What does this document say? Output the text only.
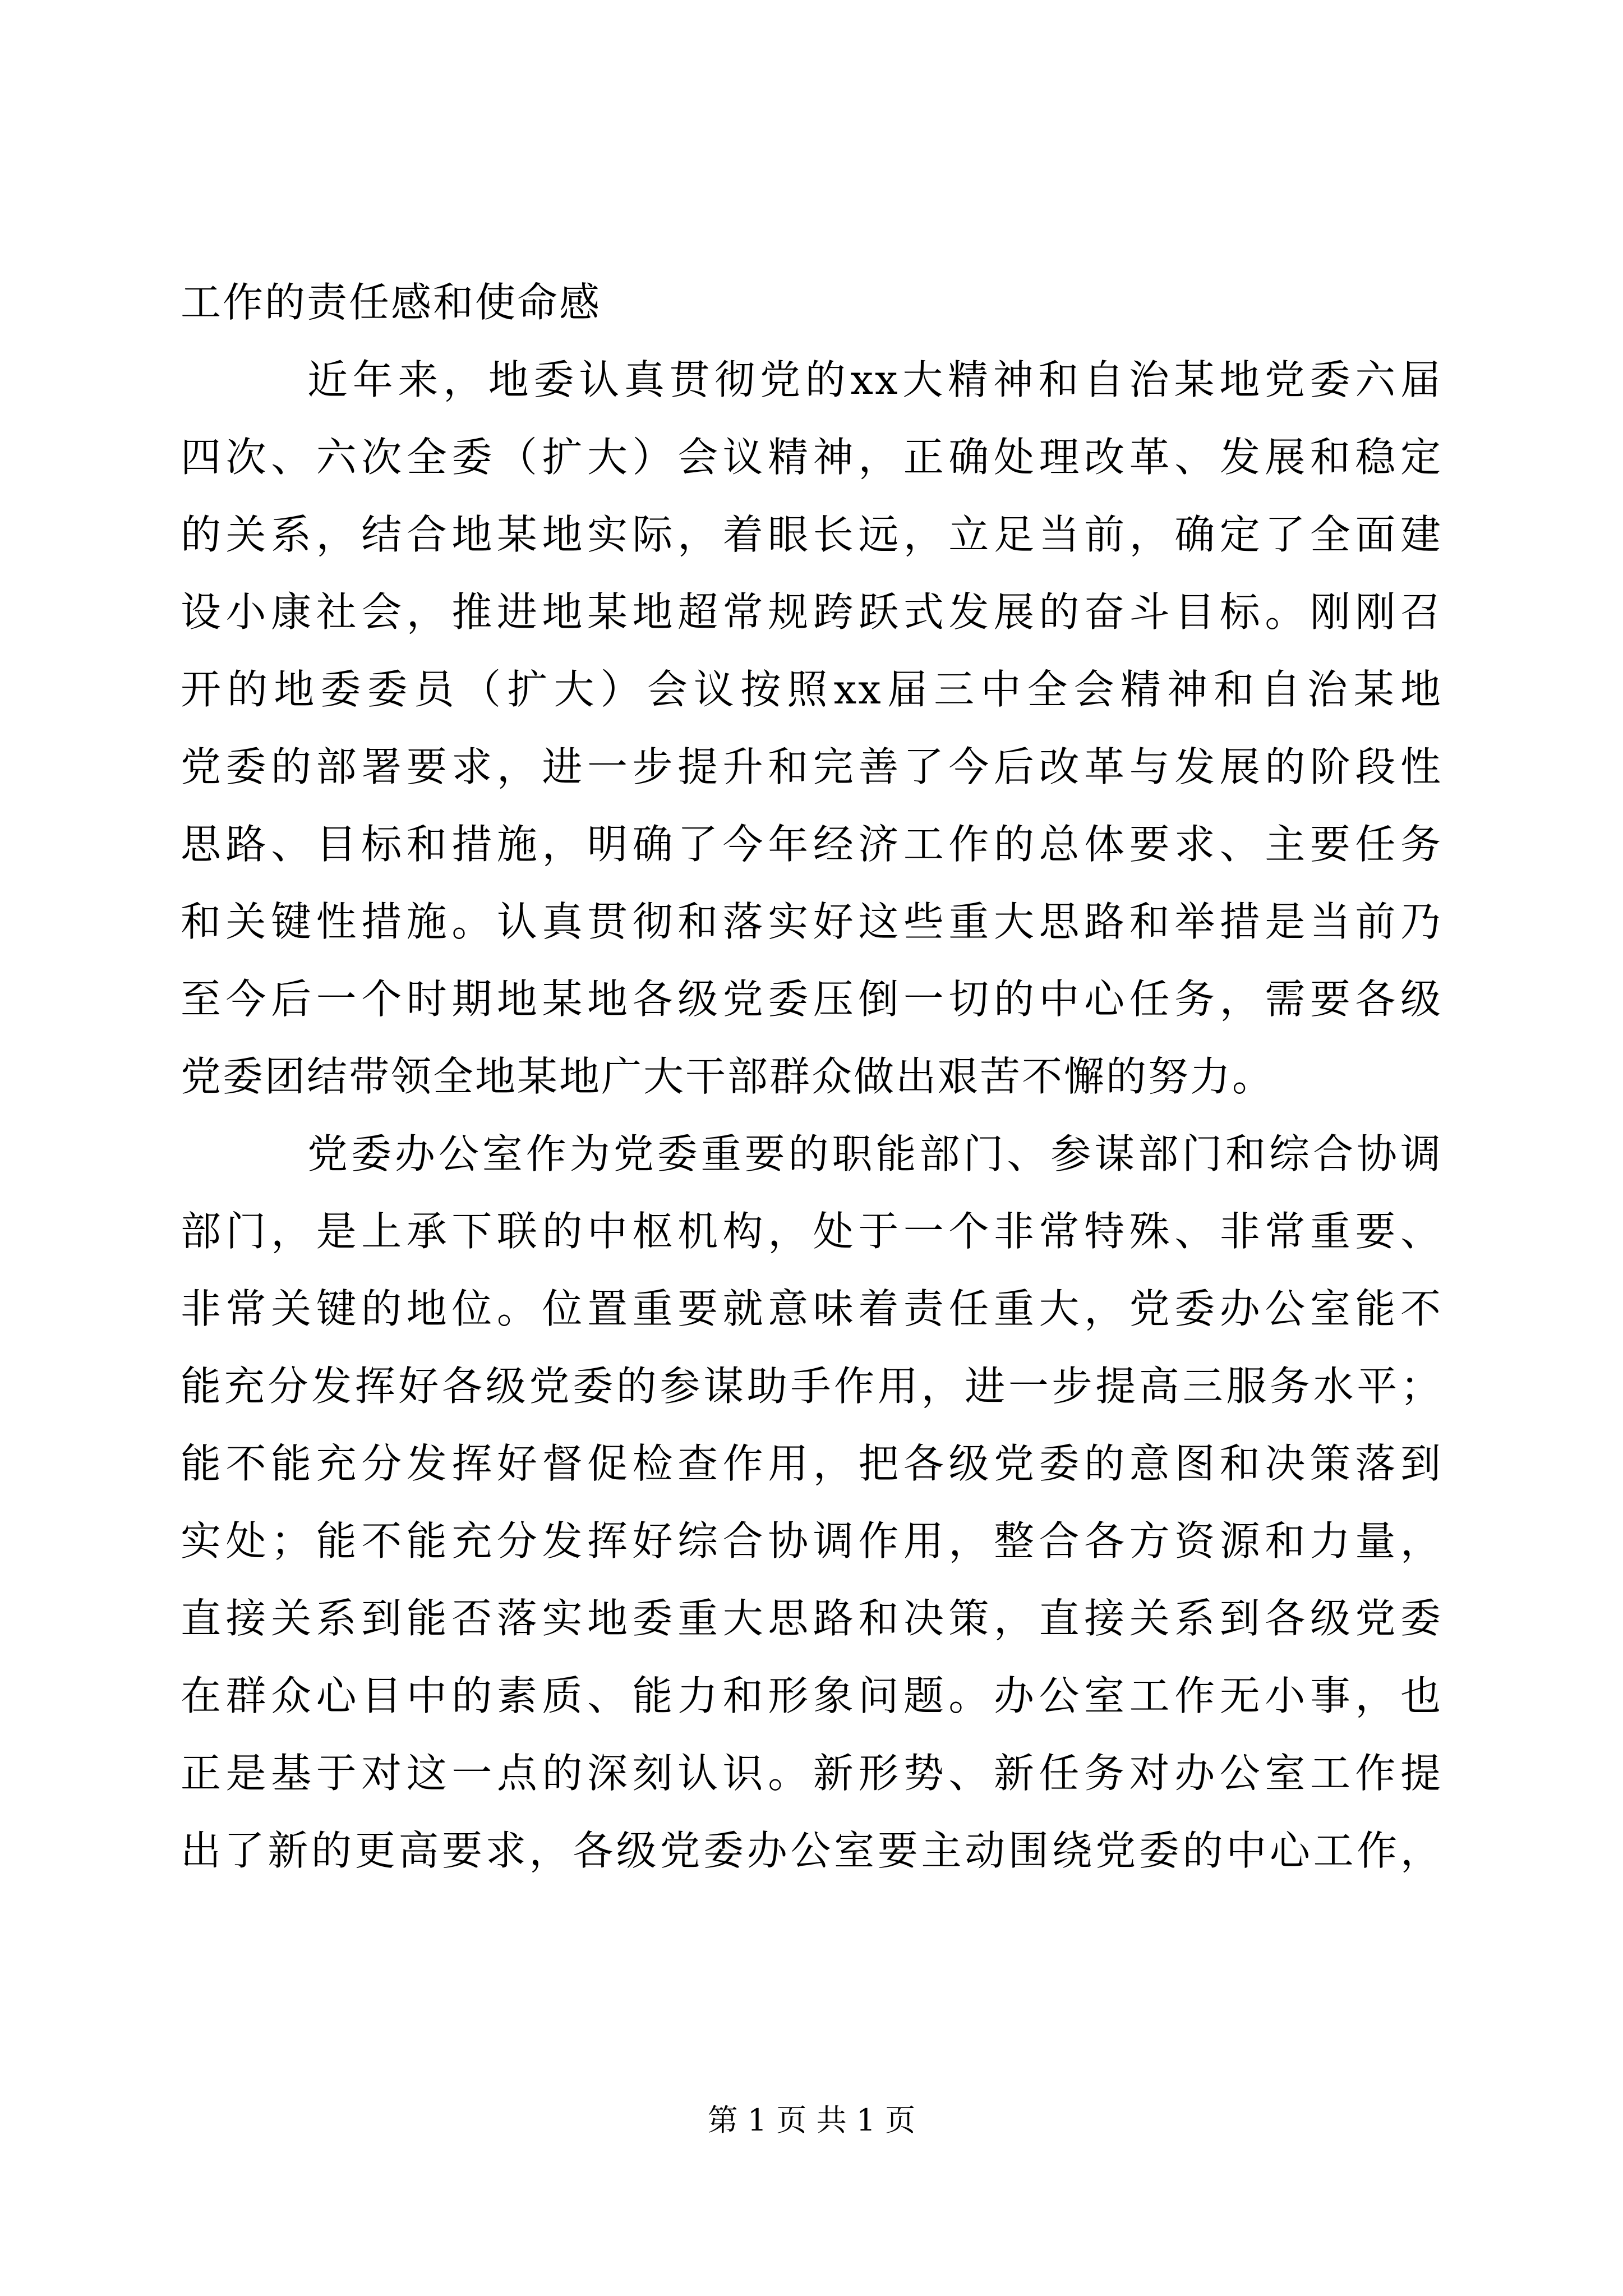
工作的责任感和使命感
近年来，地委认真贯彻党的xx大精神和自治某地党委六届
四次、六次全委（扩大）会议精神，正确处理改革、发展和稳定
的关系，结合地某地实际，着眼长远，立足当前，确定了全面建
设小康社会，推进地某地超常规跨跃式发展的奋斗目标。刚刚召
开的地委委员（扩大）会议按照xx届三中全会精神和自治某地
党委的部署要求，进一步提升和完善了今后改革与发展的阶段性
思路、目标和措施，明确了今年经济工作的总体要求、主要任务
和关键性措施。认真贯彻和落实好这些重大思路和举措是当前乃
至今后一个时期地某地各级党委压倒一切的中心任务，需要各级
党委团结带领全地某地广大干部群众做出艰苦不懈的努力。
党委办公室作为党委重要的职能部门、参谋部门和综合协调
部门，是上承下联的中枢机构，处于一个非常特殊、非常重要、
非常关键的地位。位置重要就意味着责任重大，党委办公室能不
能充分发挥好各级党委的参谋助手作用，进一步提高三服务水平；
能不能充分发挥好督促检查作用，把各级党委的意图和决策落到
实处；能不能充分发挥好综合协调作用，整合各方资源和力量，
直接关系到能否落实地委重大思路和决策，直接关系到各级党委
在群众心目中的素质、能力和形象问题。办公室工作无小事，也
正是基于对这一点的深刻认识。新形势、新任务对办公室工作提
出了新的更高要求，各级党委办公室要主动围绕党委的中心工作，
第 1 页 共 1 页
